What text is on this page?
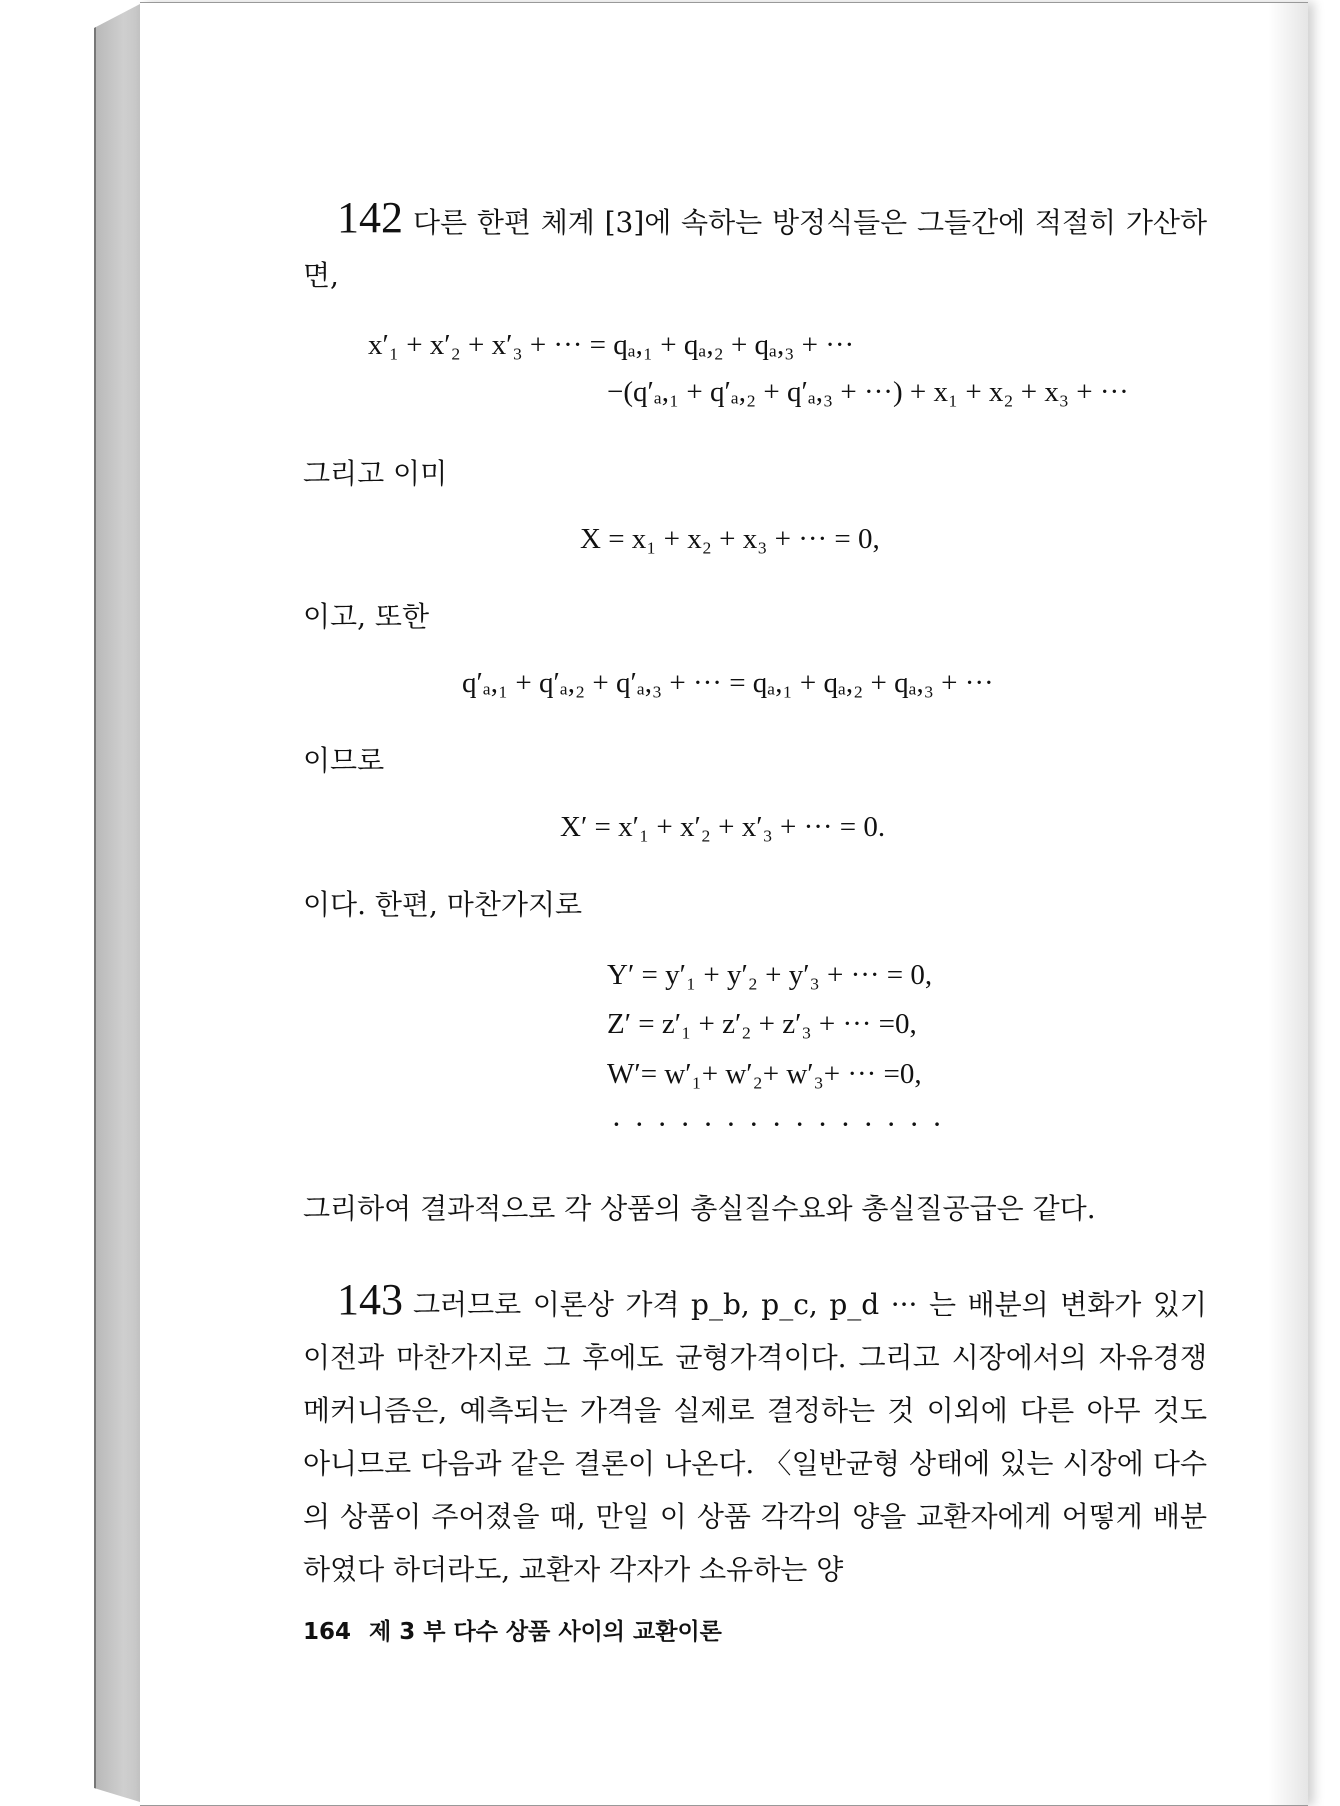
142 다른 한편 체계 [3]에 속하는 방정식들은 그들간에 적절히 가산하면,

x′₁ + x′₂ + x′₃ + ··· = qₐ,₁ + qₐ,₂ + qₐ,₃ + ···
−(q′ₐ,₁ + q′ₐ,₂ + q′ₐ,₃ + ···) + x₁ + x₂ + x₃ + ···
그리고 이미
X = x₁ + x₂ + x₃ + ··· = 0,
이고, 또한
q′ₐ,₁ + q′ₐ,₂ + q′ₐ,₃ + ··· = qₐ,₁ + qₐ,₂ + qₐ,₃ + ···
이므로
X′ = x′₁ + x′₂ + x′₃ + ··· = 0.
이다. 한편, 마찬가지로
Y′ = y′₁ + y′₂ + y′₃ + ··· = 0,
Z′ = z′₁ + z′₂ + z′₃ + ··· =0,
W′= w′₁+ w′₂+ w′₃+ ··· =0,
···············
그리하여 결과적으로 각 상품의 총실질수요와 총실질공급은 같다.

143 그러므로 이론상 가격 p_b, p_c, p_d ··· 는 배분의 변화가 있기 이전과 마찬가지로 그 후에도 균형가격이다. 그리고 시장에서의 자유경쟁 메커니즘은, 예측되는 가격을 실제로 결정하는 것 이외에 다른 아무 것도 아니므로 다음과 같은 결론이 나온다. 〈일반균형 상태에 있는 시장에 다수의 상품이 주어졌을 때, 만일 이 상품 각각의 양을 교환자에게 어떻게 배분하였다 하더라도, 교환자 각자가 소유하는 양

164 제 3 부 다수 상품 사이의 교환이론
